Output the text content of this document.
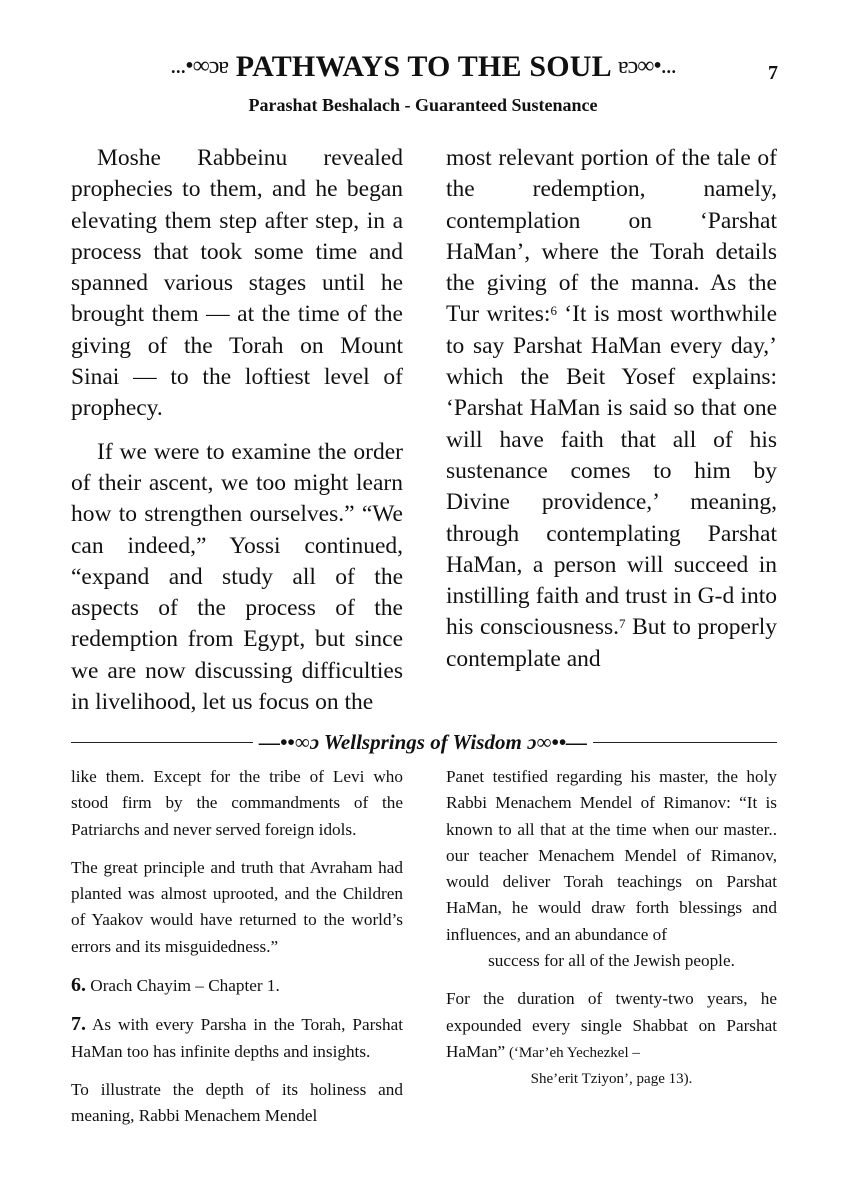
...•∞ɔɐ PATHWAYS TO THE SOUL ɐɔ∞•...	7
Parashat Beshalach - Guaranteed Sustenance

Moshe Rabbeinu revealed prophecies to them, and he began elevating them step after step, in a process that took some time and spanned various stages until he brought them — at the time of the giving of the Torah on Mount Sinai — to the loftiest level of prophecy.

If we were to examine the order of their ascent, we too might learn how to strengthen ourselves.” “We can indeed,” Yossi continued, “expand and study all of the aspects of the process of the redemption from Egypt, but since we are now discussing difficulties in livelihood, let us focus on the

most relevant portion of the tale of the redemption, namely, contemplation on ‘Parshat HaMan’, where the Torah details the giving of the manna. As the Tur writes:$^6$ ‘It is most worthwhile to say Parshat HaMan every day,’ which the Beit Yosef explains: ‘Parshat HaMan is said so that one will have faith that all of his sustenance comes to him by Divine providence,’ meaning, through contemplating Parshat HaMan, a person will succeed in instilling faith and trust in G-d into his consciousness.$^7$ But to properly contemplate and

—••∞ɔ Wellsprings of Wisdom ɔ∞••—

like them. Except for the tribe of Levi who stood firm by the commandments of the Patriarchs and never served foreign idols.

The great principle and truth that Avraham had planted was almost uprooted, and the Children of Yaakov would have returned to the world’s errors and its misguidedness.”

6. Orach Chayim – Chapter 1.

7. As with every Parsha in the Torah, Parshat HaMan too has infinite depths and insights.

To illustrate the depth of its holiness and meaning, Rabbi Menachem Mendel

Panet testified regarding his master, the holy Rabbi Menachem Mendel of Rimanov: “It is known to all that at the time when our master.. our teacher Menachem Mendel of Rimanov, would deliver Torah teachings on Parshat HaMan, he would draw forth blessings and influences, and an abundance of

success for all of the Jewish people.

For the duration of twenty-two years, he expounded every single Shabbat on Parshat HaMan” (‘Mar’eh Yechezkel –

She’erit Tziyon’, page 13).
